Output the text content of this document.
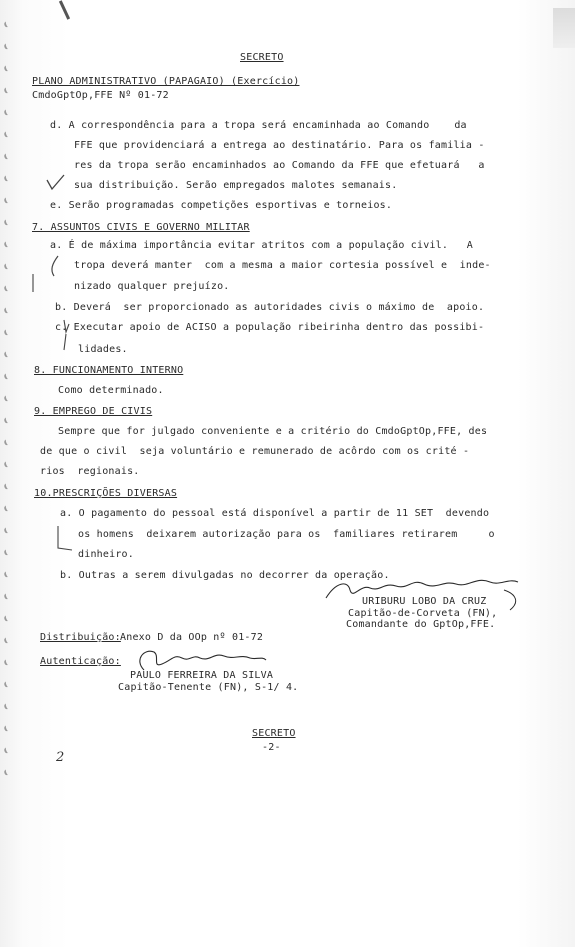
SECRETO
PLANO ADMINISTRATIVO (PAPAGAIO) (Exercício)
CmdoGptOp,FFE Nº 01-72
d. A correspondência para a tropa será encaminhada ao Comando    da
FFE que providenciará a entrega ao destinatário. Para os familia -
res da tropa serão encaminhados ao Comando da FFE que efetuará   a
sua distribuição. Serão empregados malotes semanais.
e. Serão programadas competições esportivas e torneios.
7. ASSUNTOS CIVIS E GOVERNO MILITAR
a. É de máxima importância evitar atritos com a população civil.   A
tropa deverá manter  com a mesma a maior cortesia possível e  inde-
nizado qualquer prejuízo.
b. Deverá  ser proporcionado as autoridades civis o máximo de  apoio.
c. Executar apoio de ACISO a população ribeirinha dentro das possibi-
lidades.
8. FUNCIONAMENTO INTERNO
Como determinado.
9. EMPREGO DE CIVIS
Sempre que for julgado conveniente e a critério do CmdoGptOp,FFE, des
de que o civil  seja voluntário e remunerado de acôrdo com os crité -
rios  regionais.
10.PRESCRIÇÕES DIVERSAS
a. O pagamento do pessoal está disponível a partir de 11 SET  devendo
os homens  deixarem autorização para os  familiares retirarem     o
dinheiro.
b. Outras a serem divulgadas no decorrer da operação.
URIBURU LOBO DA CRUZ
Capitão-de-Corveta (FN),
Comandante do GptOp,FFE.
Distribuição: Anexo D da OOp nº 01-72
Autenticação:
PAULO FERREIRA DA SILVA
Capitão-Tenente (FN), S-1/ 4.
SECRETO
-2-
2
